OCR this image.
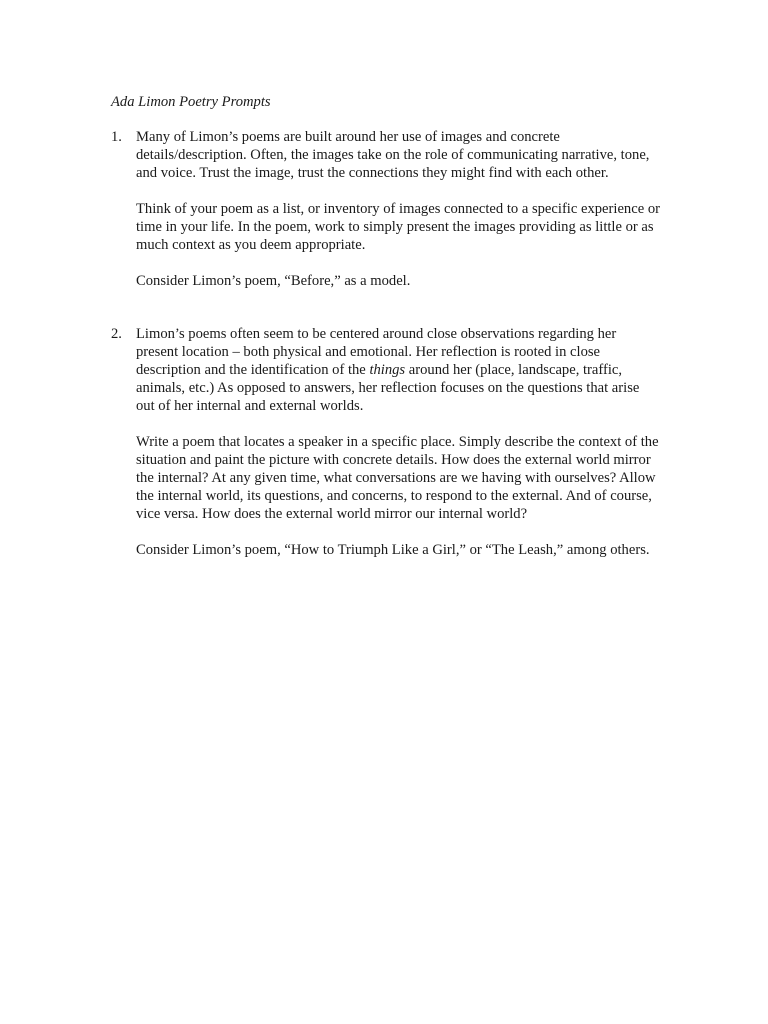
Ada Limon Poetry Prompts
1. Many of Limon’s poems are built around her use of images and concrete
details/description. Often, the images take on the role of communicating narrative, tone,
and voice. Trust the image, trust the connections they might find with each other.

Think of your poem as a list, or inventory of images connected to a specific experience or
time in your life. In the poem, work to simply present the images providing as little or as
much context as you deem appropriate.

Consider Limon’s poem, “Before,” as a model.

2. Limon’s poems often seem to be centered around close observations regarding her
present location – both physical and emotional. Her reflection is rooted in close
description and the identification of the things around her (place, landscape, traffic,
animals, etc.) As opposed to answers, her reflection focuses on the questions that arise
out of her internal and external worlds.

Write a poem that locates a speaker in a specific place. Simply describe the context of the
situation and paint the picture with concrete details. How does the external world mirror
the internal? At any given time, what conversations are we having with ourselves? Allow
the internal world, its questions, and concerns, to respond to the external. And of course,
vice versa. How does the external world mirror our internal world?

Consider Limon’s poem, “How to Triumph Like a Girl,” or “The Leash,” among others.
